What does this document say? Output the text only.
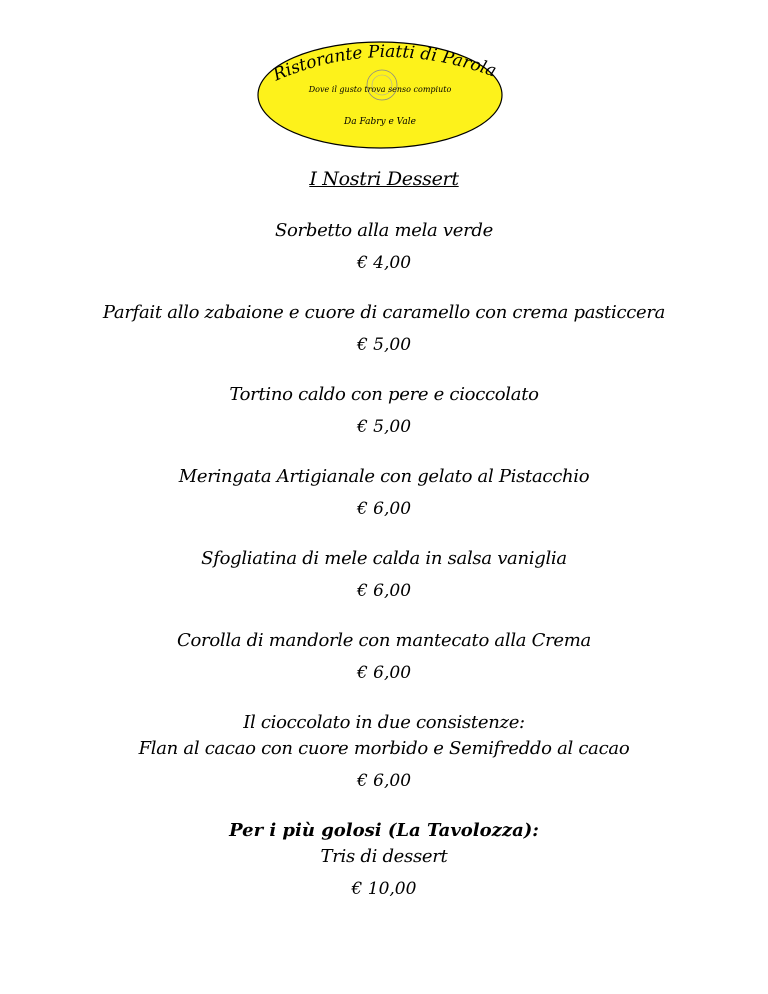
Ristorante Piatti di Parola
Dove il gusto trova senso compiuto
Da Fabry e Vale
I Nostri Dessert
Sorbetto alla mela verde
€ 4,00
Parfait allo zabaione e cuore di caramello con crema pasticcera
€ 5,00
Tortino caldo con pere e cioccolato
€ 5,00
Meringata Artigianale con gelato al Pistacchio
€ 6,00
Sfogliatina di mele calda in salsa vaniglia
€ 6,00
Corolla di mandorle con mantecato alla Crema
€ 6,00
Il cioccolato in due consistenze:
Flan al cacao con cuore morbido e Semifreddo al cacao
€ 6,00
Per i più golosi (La Tavolozza):
Tris di dessert
€ 10,00
